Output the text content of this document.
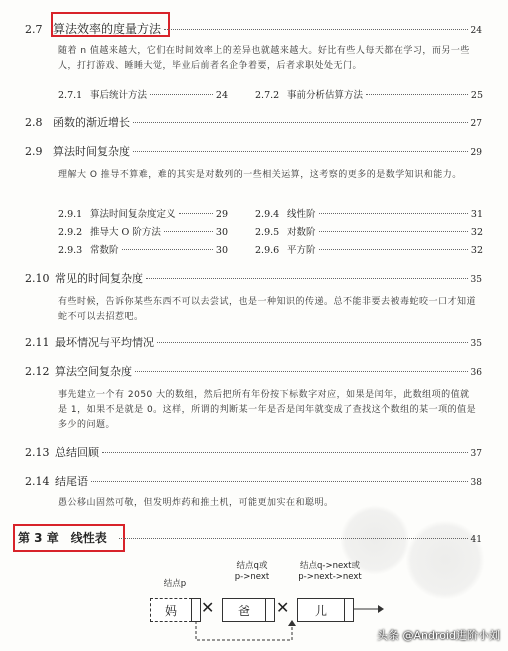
2.7 算法效率的度量方法	24
随着 n 值越来越大，它们在时间效率上的差异也就越来越大。好比有些人每天都在学习，而另一些人，打打游戏、睡睡大觉，毕业后前者名企争着要，后者求职处处无门。
2.7.1 事后统计方法	24	2.7.2 事前分析估算方法	25
2.8 函数的渐近增长	27
2.9 算法时间复杂度	29
理解大 O 推导不算难，难的其实是对数列的一些相关运算，这考察的更多的是数学知识和能力。
2.9.1 算法时间复杂度定义	29	2.9.4 线性阶	31
2.9.2 推导大 O 阶方法	30	2.9.5 对数阶	32
2.9.3 常数阶	30	2.9.6 平方阶	32
2.10 常见的时间复杂度	35
有些时候，告诉你某些东西不可以去尝试，也是一种知识的传递。总不能非要去被毒蛇咬一口才知道蛇不可以去招惹吧。
2.11 最坏情况与平均情况	35
2.12 算法空间复杂度	36
事先建立一个有 2050 大的数组，然后把所有年份按下标数字对应，如果是闰年，此数组项的值就是 1，如果不是就是 0。这样，所谓的判断某一年是否是闰年就变成了查找这个数组的某一项的值是多少的问题。
2.13 总结回顾	37
2.14 结尾语	38
愚公移山固然可敬，但发明炸药和推土机，可能更加实在和聪明。
第 3 章 线性表	41
结点p
结点q或
p->next
结点q->next或
p->next->next
妈 ✕ 爸 ✕ 儿
头条 @Android进阶小刘
